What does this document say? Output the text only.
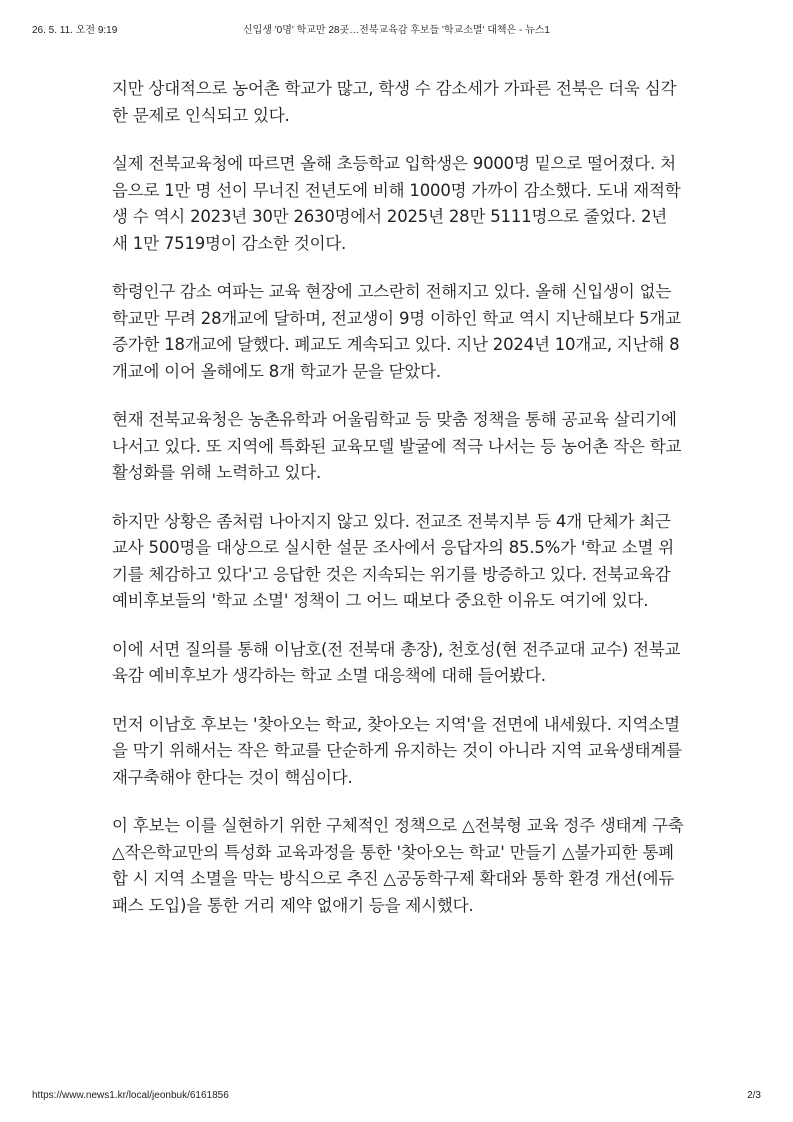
26. 5. 11. 오전 9:19	신입생 '0명' 학교만 28곳…전북교육감 후보들 '학교소멸' 대책은 - 뉴스1

지만 상대적으로 농어촌 학교가 많고, 학생 수 감소세가 가파른 전북은 더욱 심각한 문제로 인식되고 있다.

실제 전북교육청에 따르면 올해 초등학교 입학생은 9000명 밑으로 떨어졌다. 처음으로 1만 명 선이 무너진 전년도에 비해 1000명 가까이 감소했다. 도내 재적학생 수 역시 2023년 30만 2630명에서 2025년 28만 5111명으로 줄었다. 2년 새 1만 7519명이 감소한 것이다.

학령인구 감소 여파는 교육 현장에 고스란히 전해지고 있다. 올해 신입생이 없는 학교만 무려 28개교에 달하며, 전교생이 9명 이하인 학교 역시 지난해보다 5개교 증가한 18개교에 달했다. 폐교도 계속되고 있다. 지난 2024년 10개교, 지난해 8개교에 이어 올해에도 8개 학교가 문을 닫았다.

현재 전북교육청은 농촌유학과 어울림학교 등 맞춤 정책을 통해 공교육 살리기에 나서고 있다. 또 지역에 특화된 교육모델 발굴에 적극 나서는 등 농어촌 작은 학교 활성화를 위해 노력하고 있다.

하지만 상황은 좀처럼 나아지지 않고 있다. 전교조 전북지부 등 4개 단체가 최근 교사 500명을 대상으로 실시한 설문 조사에서 응답자의 85.5%가 '학교 소멸 위기를 체감하고 있다'고 응답한 것은 지속되는 위기를 방증하고 있다. 전북교육감 예비후보들의 '학교 소멸' 정책이 그 어느 때보다 중요한 이유도 여기에 있다.

이에 서면 질의를 통해 이남호(전 전북대 총장), 천호성(현 전주교대 교수) 전북교육감 예비후보가 생각하는 학교 소멸 대응책에 대해 들어봤다.

먼저 이남호 후보는 '찾아오는 학교, 찾아오는 지역'을 전면에 내세웠다. 지역소멸을 막기 위해서는 작은 학교를 단순하게 유지하는 것이 아니라 지역 교육생태계를 재구축해야 한다는 것이 핵심이다.

이 후보는 이를 실현하기 위한 구체적인 정책으로 △전북형 교육 정주 생태계 구축 △작은학교만의 특성화 교육과정을 통한 '찾아오는 학교' 만들기 △불가피한 통폐합 시 지역 소멸을 막는 방식으로 추진 △공동학구제 확대와 통학 환경 개선(에듀패스 도입)을 통한 거리 제약 없애기 등을 제시했다.

https://www.news1.kr/local/jeonbuk/6161856	2/3
